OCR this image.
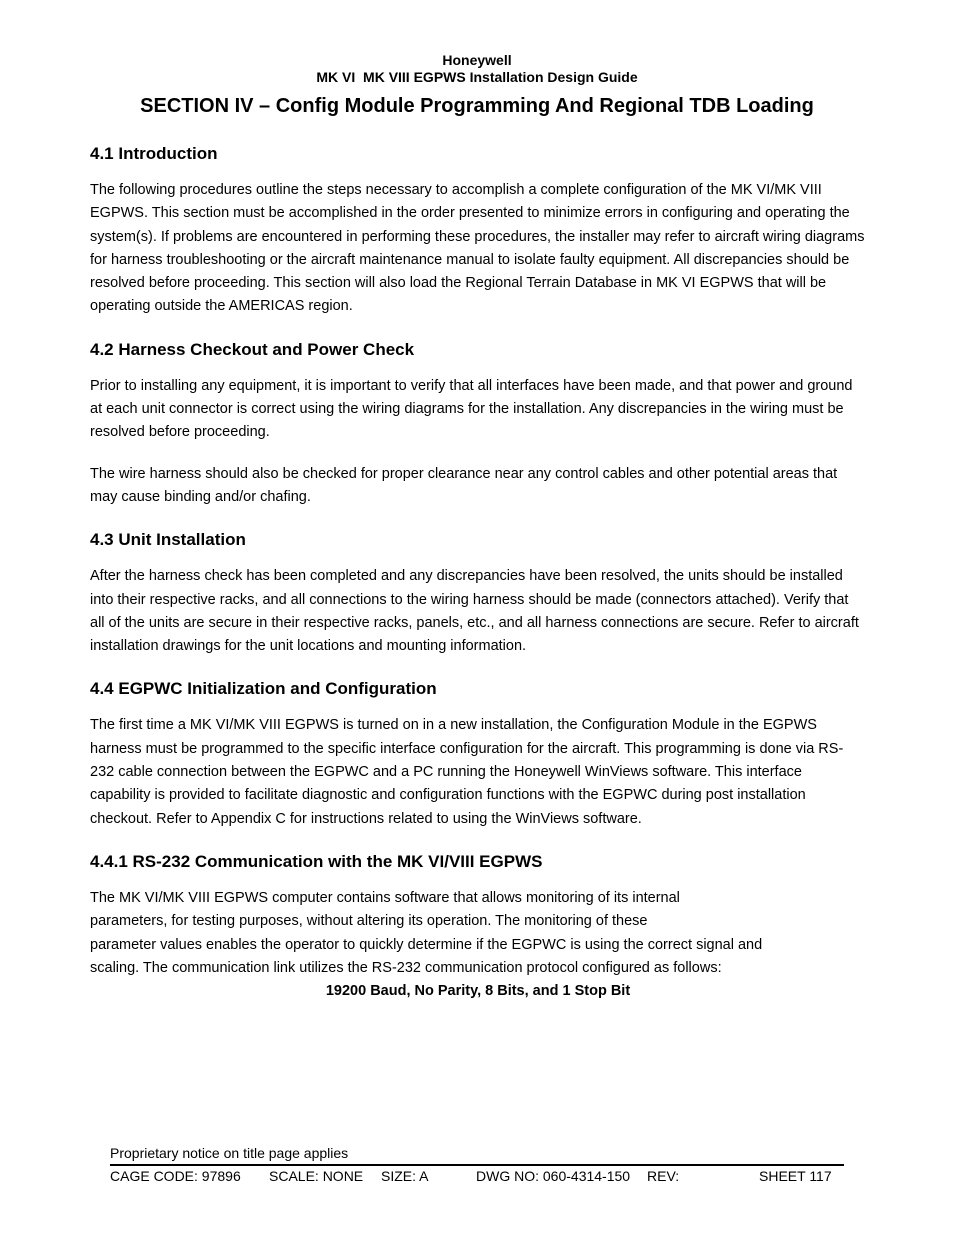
Honeywell
MK VI  MK VIII EGPWS Installation Design Guide
SECTION IV – Config Module Programming And Regional TDB Loading
4.1 Introduction

The following procedures outline the steps necessary to accomplish a complete configuration of the MK VI/MK VIII EGPWS. This section must be accomplished in the order presented to minimize errors in configuring and operating the system(s). If problems are encountered in performing these procedures, the installer may refer to aircraft wiring diagrams for harness troubleshooting or the aircraft maintenance manual to isolate faulty equipment. All discrepancies should be resolved before proceeding. This section will also load the Regional Terrain Database in MK VI EGPWS that will be operating outside the AMERICAS region.

4.2 Harness Checkout and Power Check

Prior to installing any equipment, it is important to verify that all interfaces have been made, and that power and ground at each unit connector is correct using the wiring diagrams for the installation. Any discrepancies in the wiring must be resolved before proceeding.

The wire harness should also be checked for proper clearance near any control cables and other potential areas that may cause binding and/or chafing.

4.3 Unit Installation

After the harness check has been completed and any discrepancies have been resolved, the units should be installed into their respective racks, and all connections to the wiring harness should be made (connectors attached). Verify that all of the units are secure in their respective racks, panels, etc., and all harness connections are secure. Refer to aircraft installation drawings for the unit locations and mounting information.

4.4 EGPWC Initialization and Configuration

The first time a MK VI/MK VIII EGPWS is turned on in a new installation, the Configuration Module in the EGPWS harness must be programmed to the specific interface configuration for the aircraft. This programming is done via RS-232 cable connection between the EGPWC and a PC running the Honeywell WinViews software. This interface capability is provided to facilitate diagnostic and configuration functions with the EGPWC during post installation checkout. Refer to Appendix C for instructions related to using the WinViews software.

4.4.1 RS-232 Communication with the MK VI/VIII EGPWS

The MK VI/MK VIII EGPWS computer contains software that allows monitoring of its internal
parameters, for testing purposes, without altering its operation. The monitoring of these
parameter values enables the operator to quickly determine if the EGPWC is using the correct signal and
scaling. The communication link utilizes the RS-232 communication protocol configured as follows:

19200 Baud, No Parity, 8 Bits, and 1 Stop Bit
Proprietary notice on title page applies
CAGE CODE: 97896 SCALE: NONE SIZE: A	DWG NO: 060-4314-150 REV:	SHEET 117
